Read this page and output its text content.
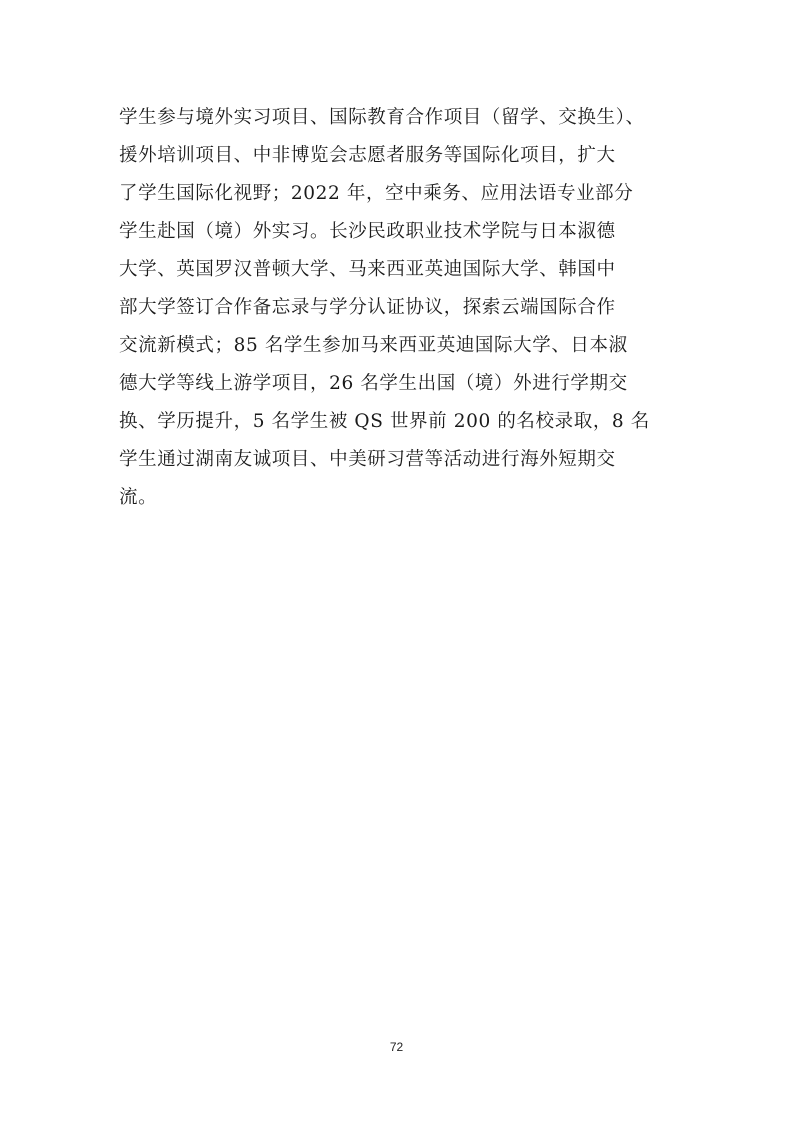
学生参与境外实习项目、国际教育合作项目（留学、交换生）、
援外培训项目、中非博览会志愿者服务等国际化项目，扩大
了学生国际化视野；2022 年，空中乘务、应用法语专业部分
学生赴国（境）外实习。长沙民政职业技术学院与日本淑德
大学、英国罗汉普顿大学、马来西亚英迪国际大学、韩国中
部大学签订合作备忘录与学分认证协议，探索云端国际合作
交流新模式；85 名学生参加马来西亚英迪国际大学、日本淑
德大学等线上游学项目，26 名学生出国（境）外进行学期交
换、学历提升，5 名学生被 QS 世界前 200 的名校录取，8 名
学生通过湖南友诚项目、中美研习营等活动进行海外短期交
流。
72
